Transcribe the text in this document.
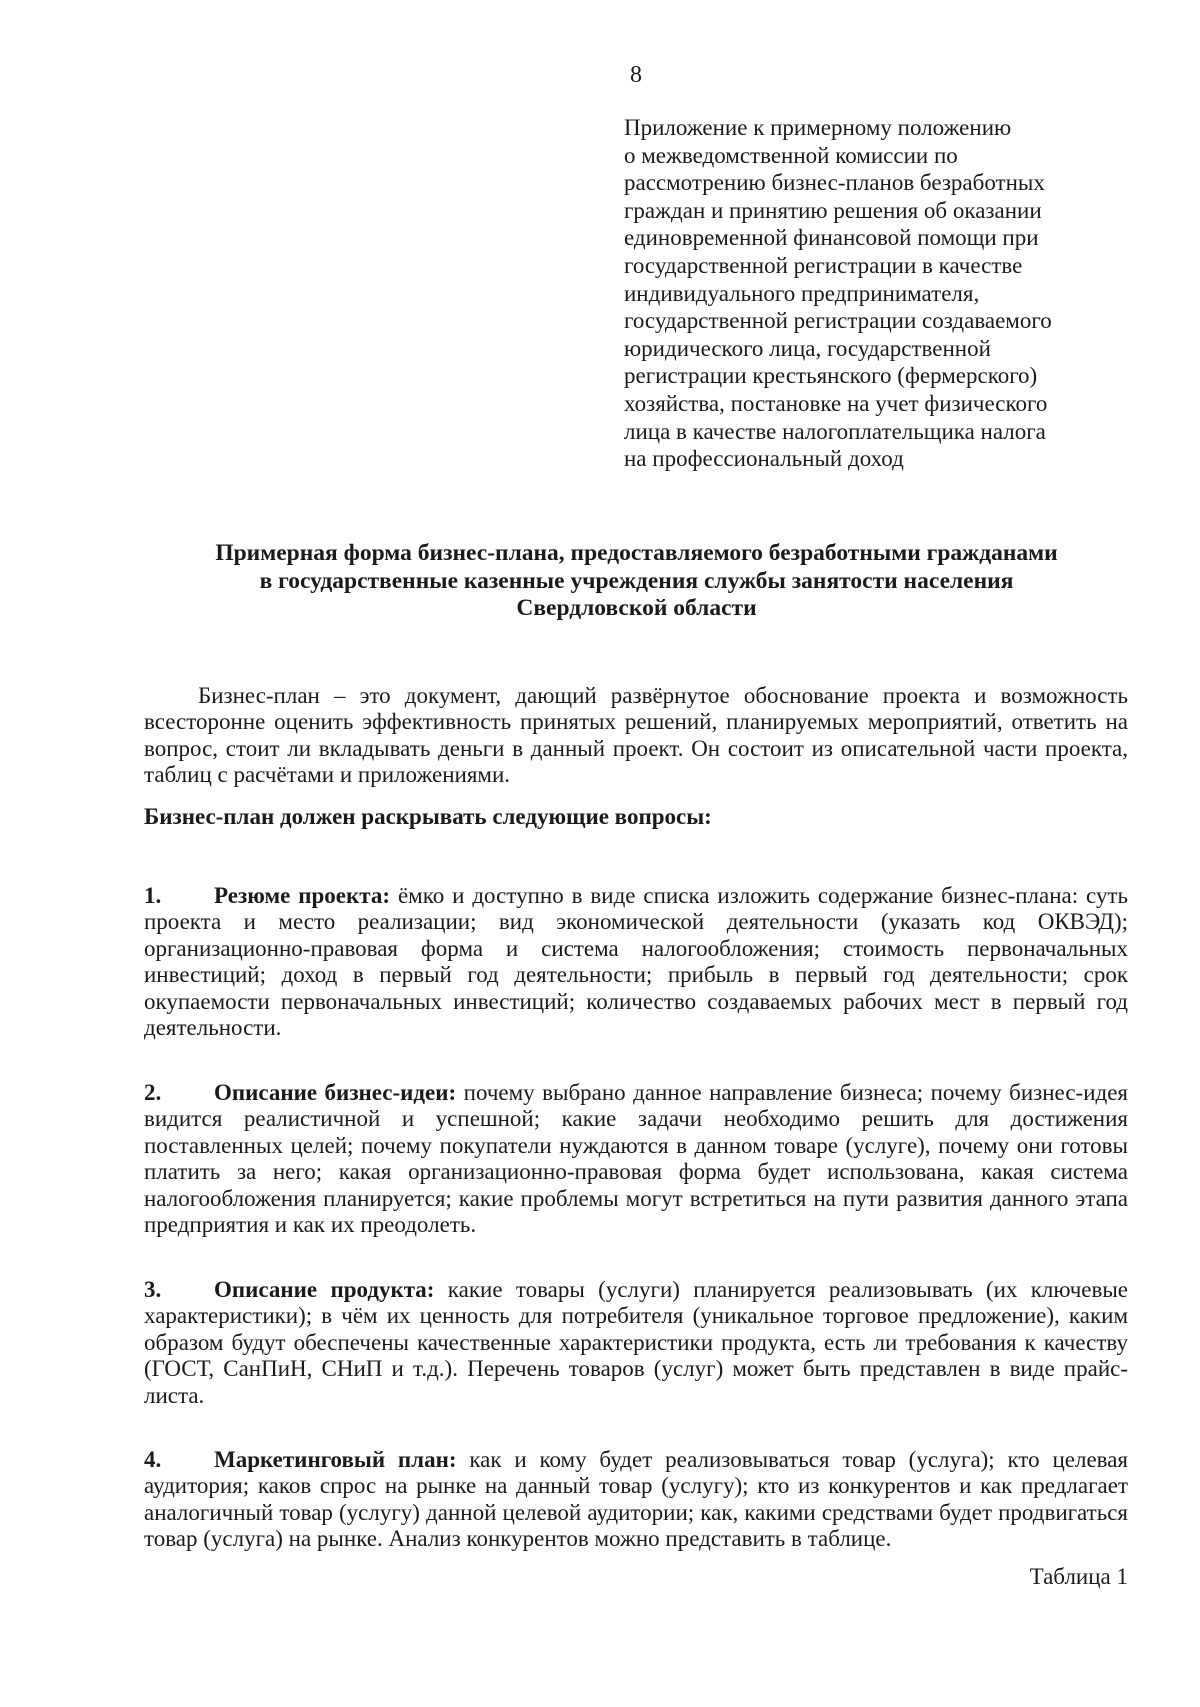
8
Приложение к примерному положению
о межведомственной комиссии по
рассмотрению бизнес-планов безработных
граждан и принятию решения об оказании
единовременной финансовой помощи при
государственной регистрации в качестве
индивидуального предпринимателя,
государственной регистрации создаваемого
юридического лица, государственной
регистрации крестьянского (фермерского)
хозяйства, постановке на учет физического
лица в качестве налогоплательщика налога
на профессиональный доход
Примерная форма бизнес-плана, предоставляемого безработными гражданами
в государственные казенные учреждения службы занятости населения
Свердловской области

Бизнес-план – это документ, дающий развёрнутое обоснование проекта и возможность всесторонне оценить эффективность принятых решений, планируемых мероприятий, ответить на вопрос, стоит ли вкладывать деньги в данный проект. Он состоит из описательной части проекта, таблиц с расчётами и приложениями.

Бизнес-план должен раскрывать следующие вопросы:

1. Резюме проекта: ёмко и доступно в виде списка изложить содержание бизнес-плана: суть проекта и место реализации; вид экономической деятельности (указать код ОКВЭД); организационно-правовая форма и система налогообложения; стоимость первоначальных инвестиций; доход в первый год деятельности; прибыль в первый год деятельности; срок окупаемости первоначальных инвестиций; количество создаваемых рабочих мест в первый год деятельности.

2. Описание бизнес-идеи: почему выбрано данное направление бизнеса; почему бизнес-идея видится реалистичной и успешной; какие задачи необходимо решить для достижения поставленных целей; почему покупатели нуждаются в данном товаре (услуге), почему они готовы платить за него; какая организационно-правовая форма будет использована, какая система налогообложения планируется; какие проблемы могут встретиться на пути развития данного этапа предприятия и как их преодолеть.

3. Описание продукта: какие товары (услуги) планируется реализовывать (их ключевые характеристики); в чём их ценность для потребителя (уникальное торговое предложение), каким образом будут обеспечены качественные характеристики продукта, есть ли требования к качеству (ГОСТ, СанПиН, СНиП и т.д.). Перечень товаров (услуг) может быть представлен в виде прайс-листа.

4. Маркетинговый план: как и кому будет реализовываться товар (услуга); кто целевая аудитория; каков спрос на рынке на данный товар (услугу); кто из конкурентов и как предлагает аналогичный товар (услугу) данной целевой аудитории; как, какими средствами будет продвигаться товар (услуга) на рынке. Анализ конкурентов можно представить в таблице.

Таблица 1
